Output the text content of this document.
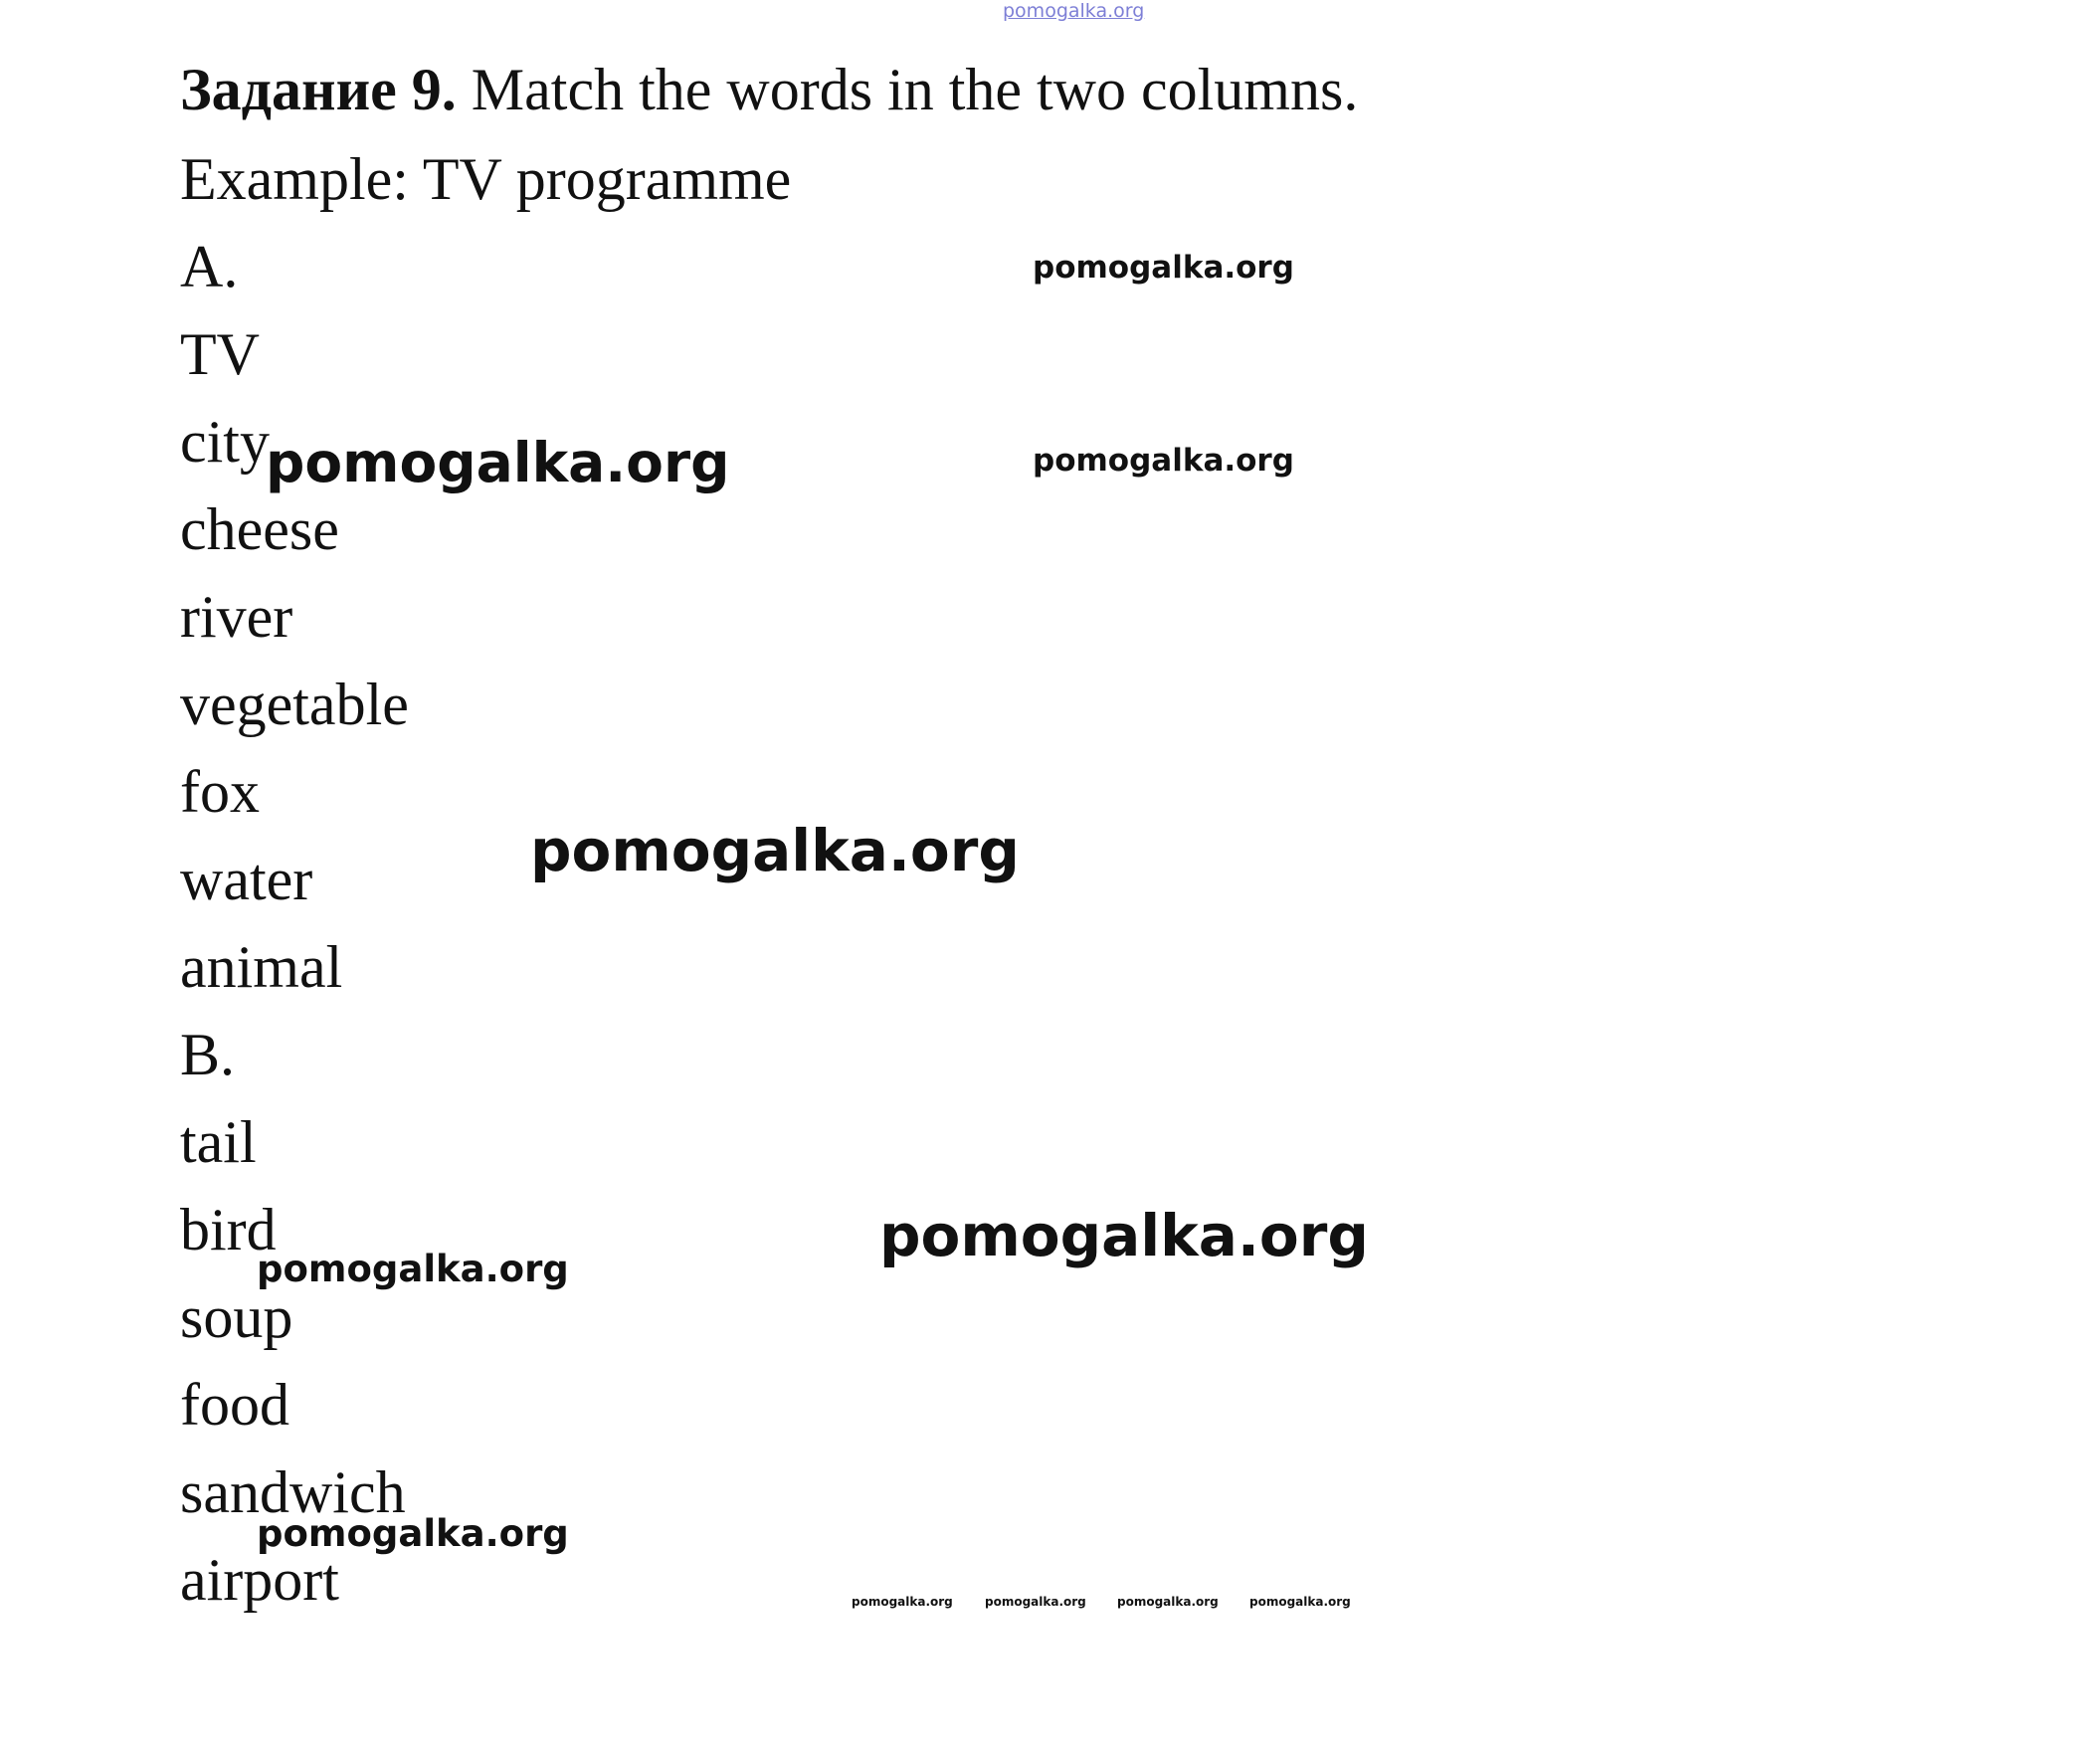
pomogalka.org
Задание 9. Match the words in the two columns.
Example: TV programme
A.
TV
city
cheese
river
vegetable
fox
water
animal
B.
tail
bird
soup
food
sandwich
airport
pomogalka.org
pomogalka.org	pomogalka.org
pomogalka.org
pomogalka.org	pomogalka.org
pomogalka.org
pomogalka.org	pomogalka.org	pomogalka.org	pomogalka.org
